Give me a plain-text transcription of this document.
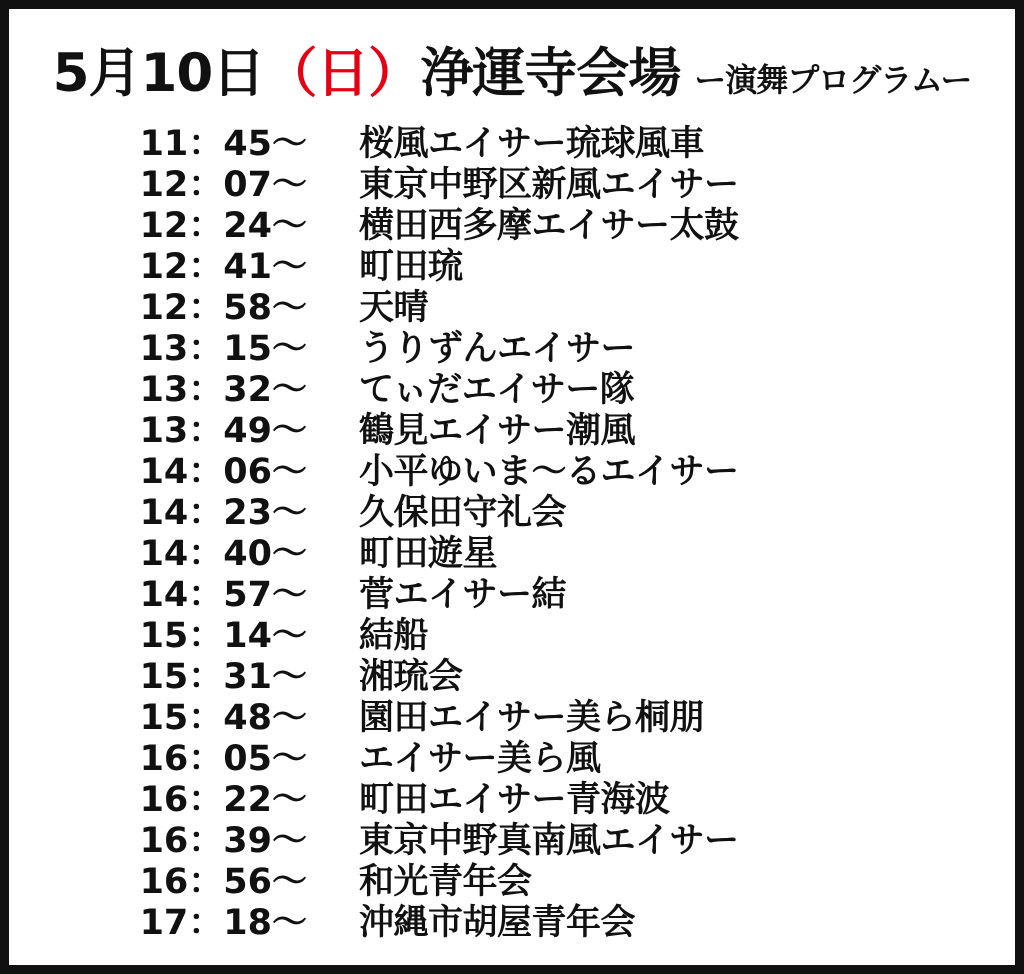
5月10日 （日） 浄運寺会場 ー演舞プログラムー
11：45〜	桜風エイサー琉球風車
12：07〜	東京中野区新風エイサー
12：24〜	横田西多摩エイサー太鼓
12：41〜	町田琉
12：58〜	天晴
13：15〜	うりずんエイサー
13：32〜	てぃだエイサー隊
13：49〜	鶴見エイサー潮風
14：06〜	小平ゆいま〜るエイサー
14：23〜	久保田守礼会
14：40〜	町田遊星
14：57〜	菅エイサー結
15：14〜	結船
15：31〜	湘琉会
15：48〜	園田エイサー美ら桐朋
16：05〜	エイサー美ら風
16：22〜	町田エイサー青海波
16：39〜	東京中野真南風エイサー
16：56〜	和光青年会
17：18〜	沖縄市胡屋青年会
